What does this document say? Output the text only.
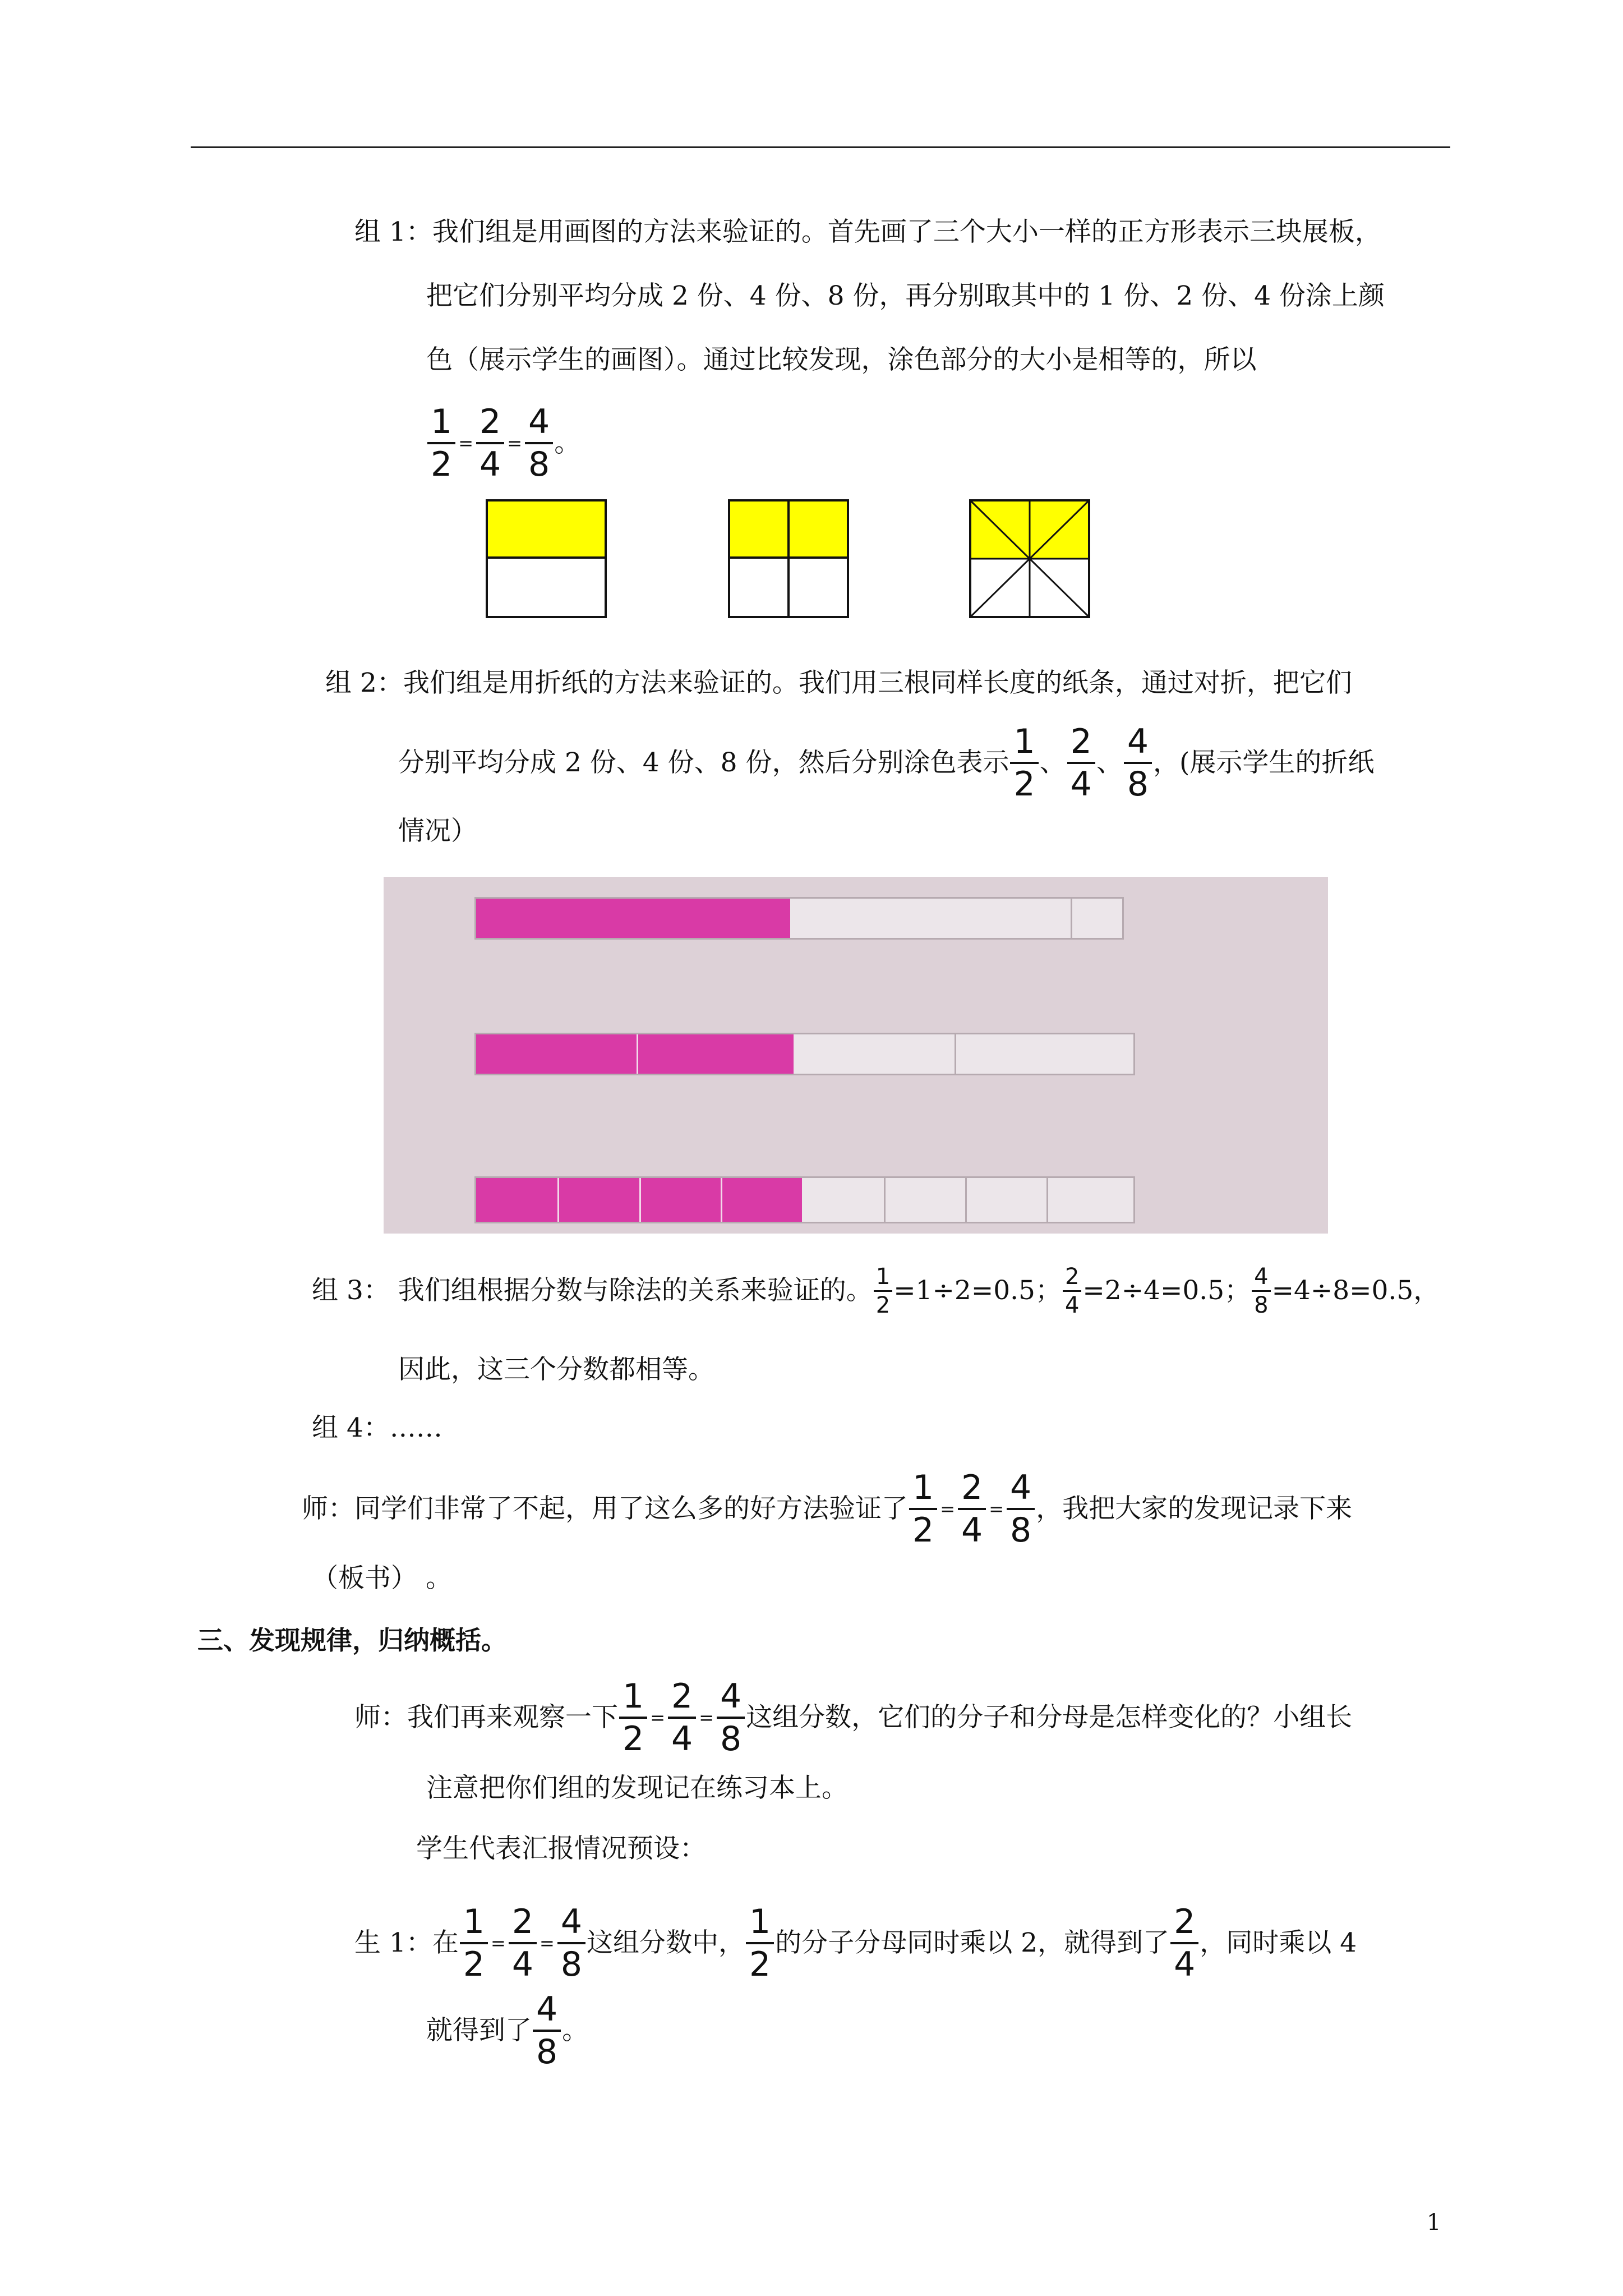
组 1：我们组是用画图的方法来验证的。首先画了三个大小一样的正方形表示三块展板，
把它们分别平均分成 2 份、4 份、8 份，再分别取其中的 1 份、2 份、4 份涂上颜
色（展示学生的画图）。通过比较发现，涂色部分的大小是相等的，所以
$\frac{1}{2} = \frac{2}{4} = \frac{4}{8}$ 。
组 2：我们组是用折纸的方法来验证的。我们用三根同样长度的纸条，通过对折，把它们
分别平均分成 2 份、4 份、8 份，然后分别涂色表示 $\frac{1}{2}$ 、 $\frac{2}{4}$ 、 $\frac{4}{8}$ ，(展示学生的折纸
情况）
组 3： 我们组根据分数与除法的关系来验证的。 $\frac{1}{2} =1\div 2=0.5$； $\frac{2}{4} =2\div 4=0.5$； $\frac{4}{8} =4\div 8=0.5$，
因此，这三个分数都相等。
组 4：……
师：同学们非常了不起，用了这么多的好方法验证了 $\frac{1}{2} = \frac{2}{4} = \frac{4}{8}$ ，我把大家的发现记录下来
（板书） 。
三、发现规律，归纳概括。
师：我们再来观察一下 $\frac{1}{2} = \frac{2}{4} = \frac{4}{8}$ 这组分数，它们的分子和分母是怎样变化的？小组长
注意把你们组的发现记在练习本上。
学生代表汇报情况预设：
生 1：在 $\frac{1}{2} = \frac{2}{4} = \frac{4}{8}$ 这组分数中， $\frac{1}{2}$ 的分子分母同时乘以 2，就得到了 $\frac{2}{4}$ ，同时乘以 4
就得到了 $\frac{4}{8}$ 。
1
